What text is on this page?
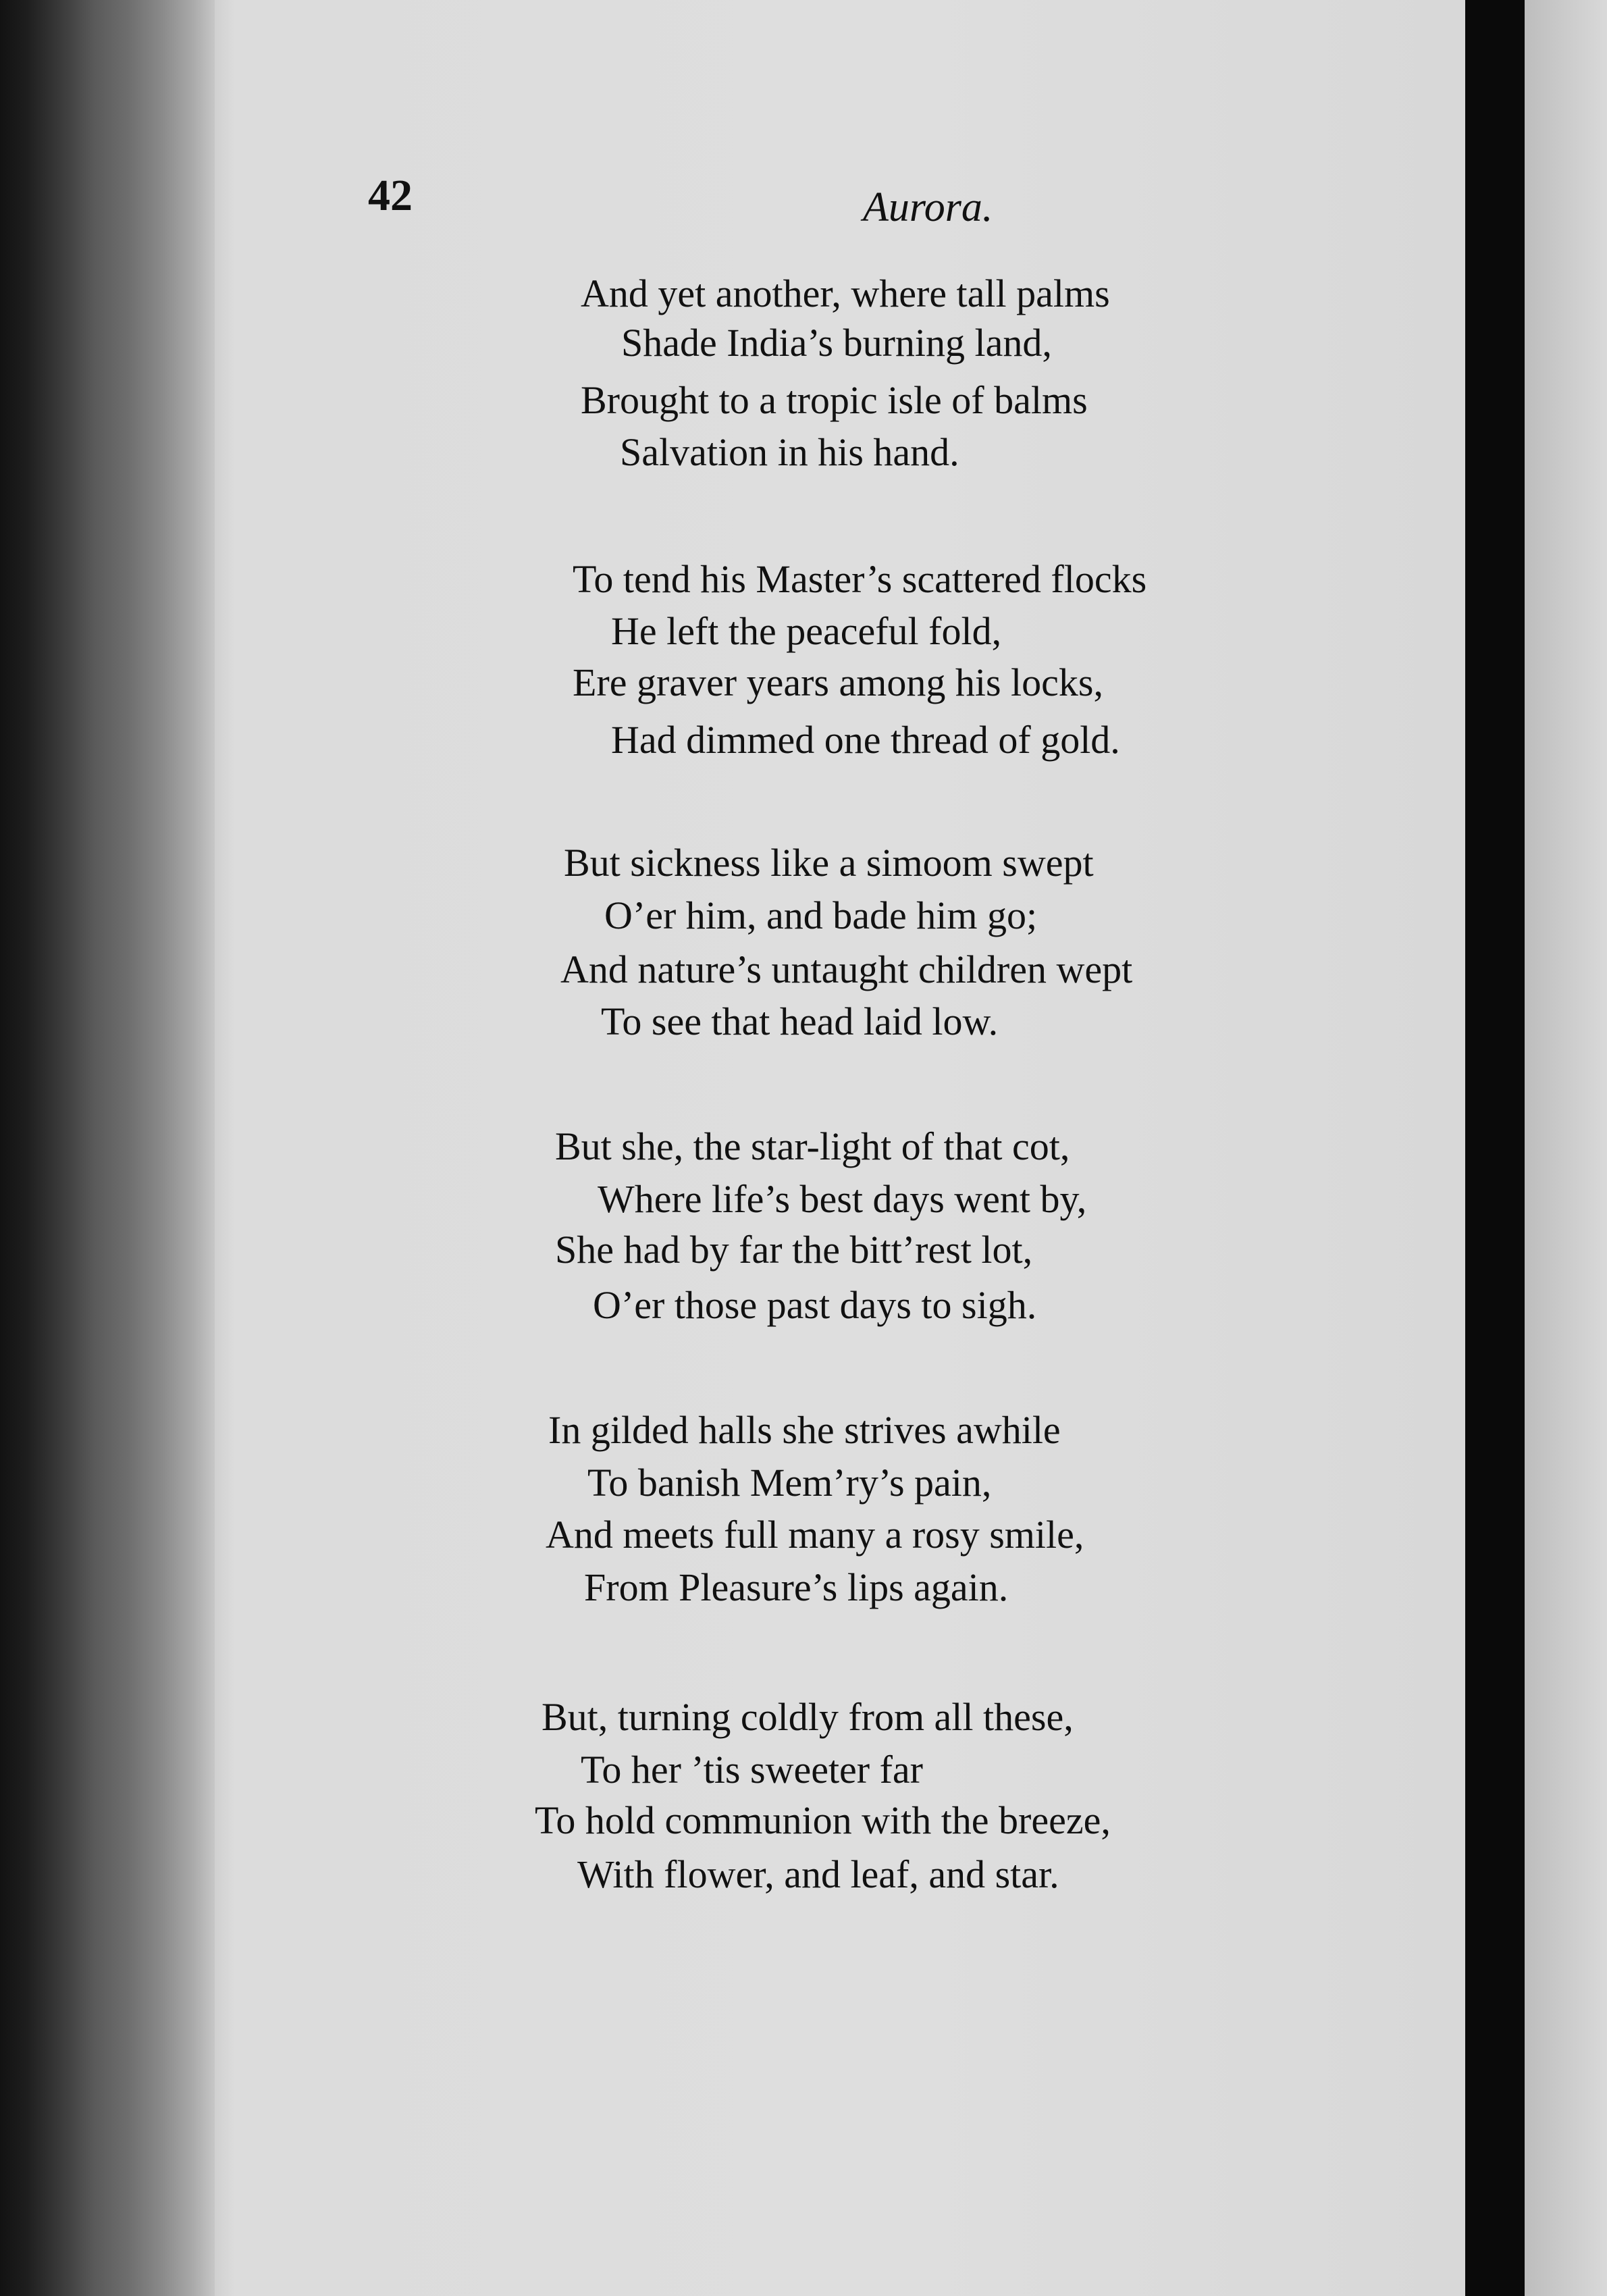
42	Aurora.
And yet another, where tall palms
Shade India’s burning land,
Brought to a tropic isle of balms
Salvation in his hand.
To tend his Master’s scattered flocks
He left the peaceful fold,
Ere graver years among his locks,
Had dimmed one thread of gold.
But sickness like a simoom swept
O’er him, and bade him go;
And nature’s untaught children wept
To see that head laid low.
But she, the star-light of that cot,
Where life’s best days went by,
She had by far the bitt’rest lot,
O’er those past days to sigh.
In gilded halls she strives awhile
To banish Mem’ry’s pain,
And meets full many a rosy smile,
From Pleasure’s lips again.
But, turning coldly from all these,
To her ’tis sweeter far
To hold communion with the breeze,
With flower, and leaf, and star.
